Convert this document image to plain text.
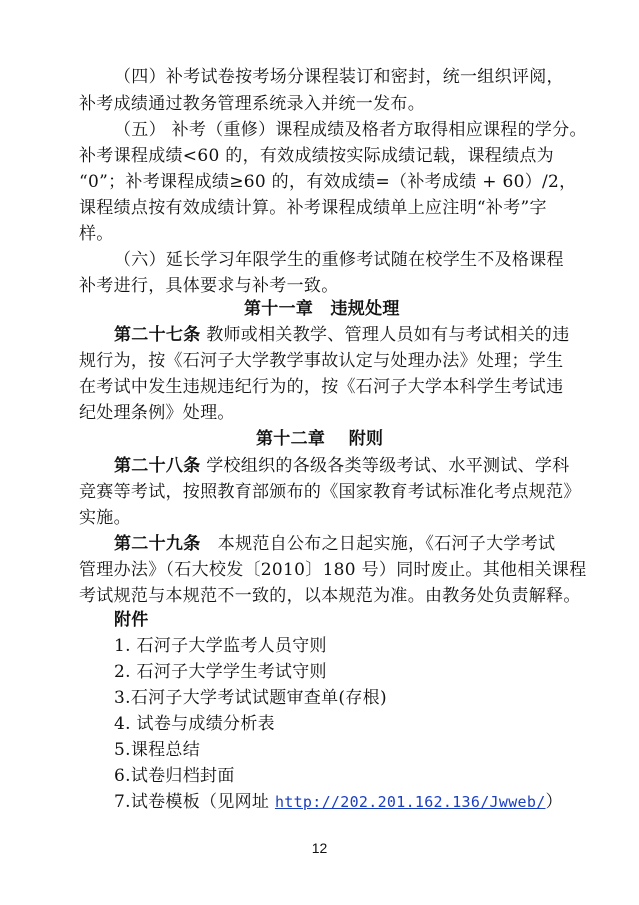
（四）补考试卷按考场分课程装订和密封，统一组织评阅，
补考成绩通过教务管理系统录入并统一发布。
（五） 补考（重修）课程成绩及格者方取得相应课程的学分。
补考课程成绩<60 的，有效成绩按实际成绩记载，课程绩点为
“0”；补考课程成绩≥60 的，有效成绩=（补考成绩 + 60）/2，
课程绩点按有效成绩计算。补考课程成绩单上应注明“补考”字
样。
（六）延长学习年限学生的重修考试随在校学生不及格课程
补考进行，具体要求与补考一致。
第十一章　违规处理
第二十七条 教师或相关教学、管理人员如有与考试相关的违
规行为，按《石河子大学教学事故认定与处理办法》处理；学生
在考试中发生违规违纪行为的，按《石河子大学本科学生考试违
纪处理条例》处理。
第十二章　 附则
第二十八条 学校组织的各级各类等级考试、水平测试、学科
竞赛等考试，按照教育部颁布的《国家教育考试标准化考点规范》
实施。
第二十九条　本规范自公布之日起实施，《石河子大学考试
管理办法》（石大校发〔2010〕180 号）同时废止。其他相关课程
考试规范与本规范不一致的，以本规范为准。由教务处负责解释。
附件
1. 石河子大学监考人员守则
2. 石河子大学学生考试守则
3.石河子大学考试试题审查单(存根)
4. 试卷与成绩分析表
5.课程总结
6.试卷归档封面
7.试卷模板（见网址 http://202.201.162.136/Jwweb/）
12
